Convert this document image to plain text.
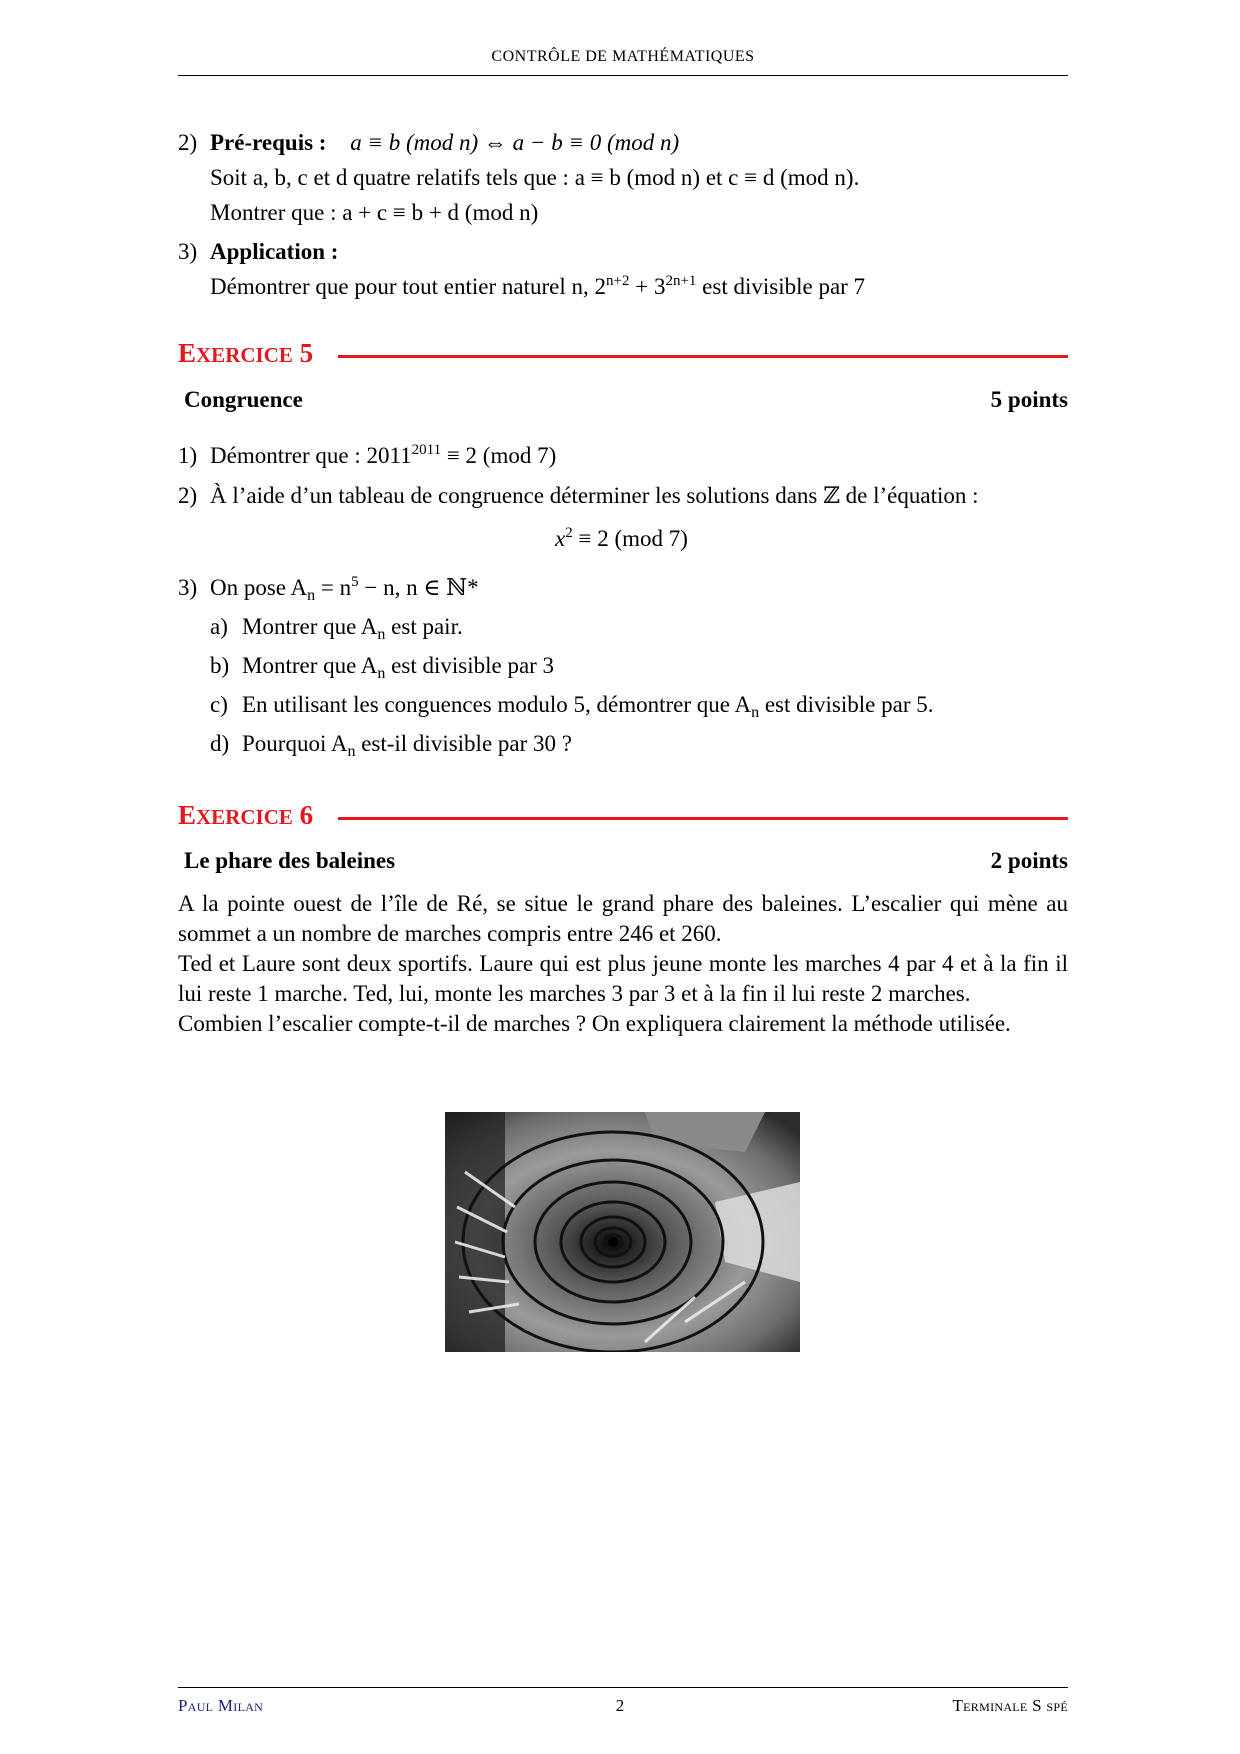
CONTRÔLE DE MATHÉMATIQUES
2) Pré-requis : a ≡ b (mod n) ⇔ a − b ≡ 0 (mod n)
Soit a, b, c et d quatre relatifs tels que : a ≡ b (mod n) et c ≡ d (mod n).
Montrer que : a + c ≡ b + d (mod n)
3) Application :
Démontrer que pour tout entier naturel n, $2^{n+2} + 3^{2n+1}$ est divisible par 7
EXERCICE 5
Congruence	5 points
1) Démontrer que : $2011^{2011} \equiv 2$ (mod 7)
2) À l’aide d’un tableau de congruence déterminer les solutions dans ℤ de l’équation :
$x^2 \equiv 2$ (mod 7)
3) On pose $A_n = n^5 - n$, n ∈ ℕ*
a) Montrer que $A_n$ est pair.
b) Montrer que $A_n$ est divisible par 3
c) En utilisant les conguences modulo 5, démontrer que $A_n$ est divisible par 5.
d) Pourquoi $A_n$ est-il divisible par 30 ?
EXERCICE 6
Le phare des baleines	2 points

A la pointe ouest de l’île de Ré, se situe le grand phare des baleines. L’escalier qui mène au sommet a un nombre de marches compris entre 246 et 260.

Ted et Laure sont deux sportifs. Laure qui est plus jeune monte les marches 4 par 4 et à la fin il lui reste 1 marche. Ted, lui, monte les marches 3 par 3 et à la fin il lui reste 2 marches.

Combien l’escalier compte-t-il de marches ? On expliquera clairement la méthode utilisée.

Paul Milan	2	Terminale S spé
